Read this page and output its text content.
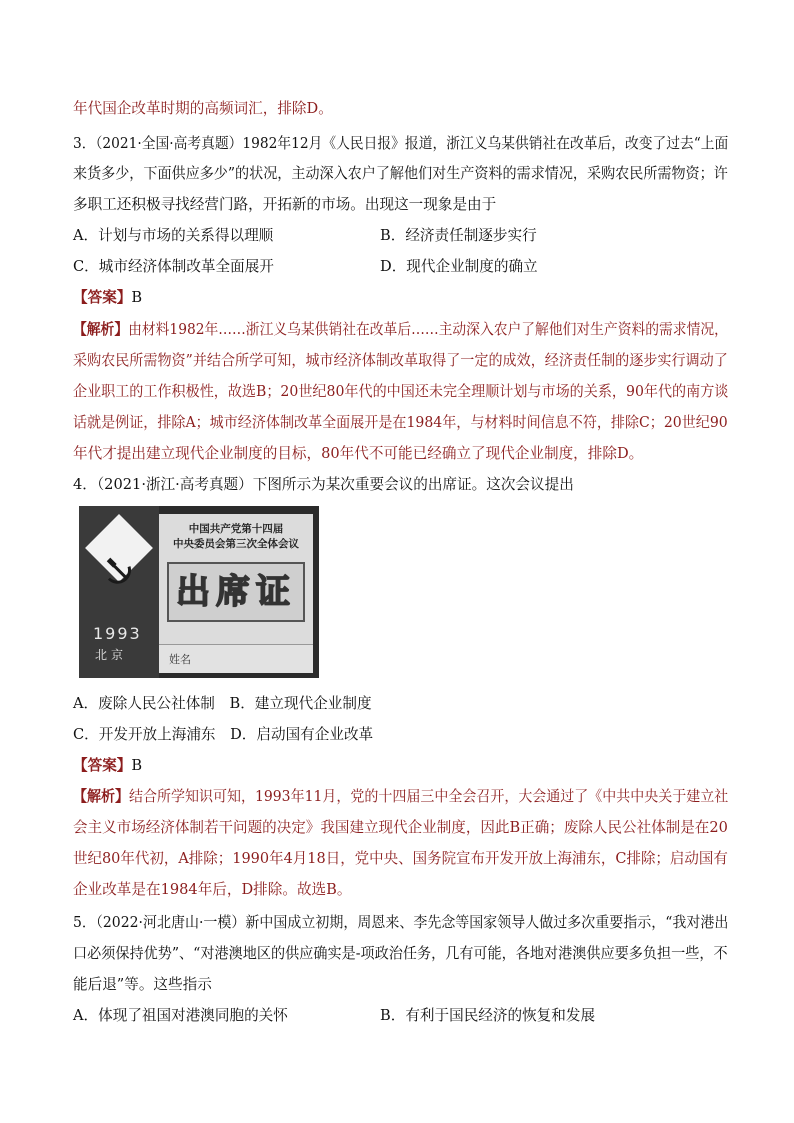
年代国企改革时期的高频词汇，排除D。
3．（2021·全国·高考真题）1982年12月《人民日报》报道，浙江义乌某供销社在改革后，改变了过去“上面
来货多少，下面供应多少”的状况，主动深入农户了解他们对生产资料的需求情况，采购农民所需物资；许
多职工还积极寻找经营门路，开拓新的市场。出现这一现象是由于
A．计划与市场的关系得以理顺	B．经济责任制逐步实行
C．城市经济体制改革全面展开	D．现代企业制度的确立
【答案】B
【解析】由材料1982年……浙江义乌某供销社在改革后……主动深入农户了解他们对生产资料的需求情况，
采购农民所需物资”并结合所学可知，城市经济体制改革取得了一定的成效，经济责任制的逐步实行调动了
企业职工的工作积极性，故选B；20世纪80年代的中国还未完全理顺计划与市场的关系，90年代的南方谈
话就是例证，排除A；城市经济体制改革全面展开是在1984年，与材料时间信息不符，排除C；20世纪90
年代才提出建立现代企业制度的目标，80年代不可能已经确立了现代企业制度，排除D。
4．（2021·浙江·高考真题）下图所示为某次重要会议的出席证。这次会议提出
1993
北京
中国共产党第十四届
中央委员会第三次全体会议
出席证
姓名
A．废除人民公社体制　B．建立现代企业制度
C．开发开放上海浦东　D．启动国有企业改革
【答案】B
【解析】结合所学知识可知，1993年11月，党的十四届三中全会召开，大会通过了《中共中央关于建立社
会主义市场经济体制若干问题的决定》我国建立现代企业制度，因此B正确；废除人民公社体制是在20
世纪80年代初，A排除；1990年4月18日，党中央、国务院宣布开发开放上海浦东，C排除；启动国有
企业改革是在1984年后，D排除。故选B。
5．（2022·河北唐山·一模）新中国成立初期，周恩来、李先念等国家领导人做过多次重要指示，“我对港出
口必须保持优势”、“对港澳地区的供应确实是-项政治任务，几有可能，各地对港澳供应要多负担一些，不
能后退”等。这些指示
A．体现了祖国对港澳同胞的关怀	B．有利于国民经济的恢复和发展
